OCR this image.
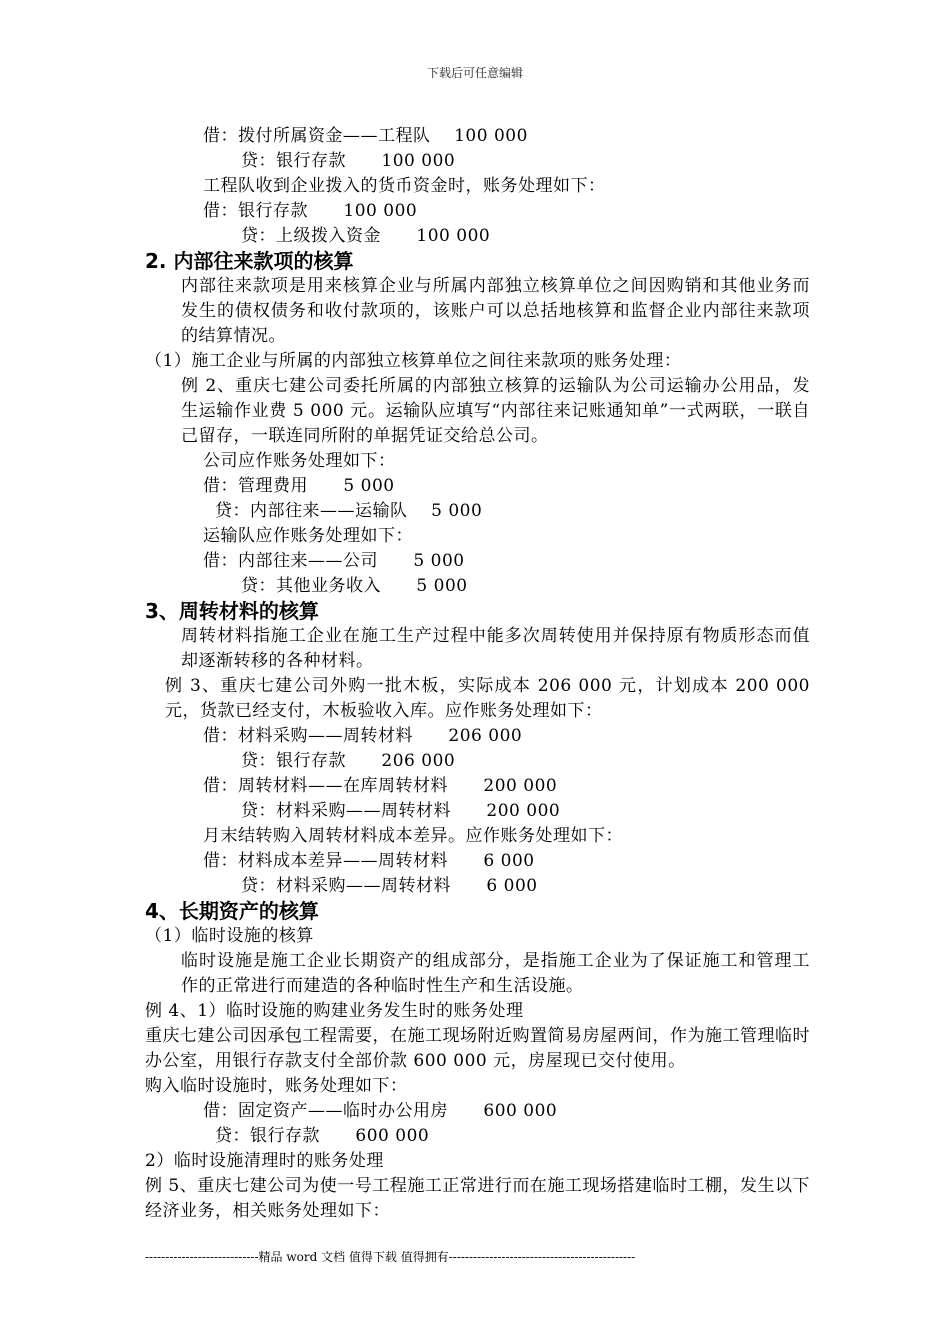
下载后可任意编辑
借：拨付所属资金——工程队    100 000
贷：银行存款      100 000
工程队收到企业拨入的货币资金时，账务处理如下：
借：银行存款      100 000
贷：上级拨入资金      100 000
2. 内部往来款项的核算
内部往来款项是用来核算企业与所属内部独立核算单位之间因购销和其他业务而发生的债权债务和收付款项的，该账户可以总括地核算和监督企业内部往来款项的结算情况。
（1）施工企业与所属的内部独立核算单位之间往来款项的账务处理：
例 2、重庆七建公司委托所属的内部独立核算的运输队为公司运输办公用品，发生运输作业费 5 000 元。运输队应填写“内部往来记账通知单”一式两联，一联自己留存，一联连同所附的单据凭证交给总公司。
公司应作账务处理如下：
借：管理费用      5 000
贷：内部往来——运输队    5 000
运输队应作账务处理如下：
借：内部往来——公司      5 000
贷：其他业务收入      5 000
3、周转材料的核算
周转材料指施工企业在施工生产过程中能多次周转使用并保持原有物质形态而值却逐渐转移的各种材料。
例 3、重庆七建公司外购一批木板，实际成本 206 000 元，计划成本 200 000 元，货款已经支付，木板验收入库。应作账务处理如下：
借：材料采购——周转材料      206 000
贷：银行存款      206 000
借：周转材料——在库周转材料      200 000
贷：材料采购——周转材料      200 000
月末结转购入周转材料成本差异。应作账务处理如下：
借：材料成本差异——周转材料      6 000
贷：材料采购——周转材料      6 000
4、长期资产的核算
（1）临时设施的核算
临时设施是施工企业长期资产的组成部分，是指施工企业为了保证施工和管理工作的正常进行而建造的各种临时性生产和生活设施。
例 4、1）临时设施的购建业务发生时的账务处理
重庆七建公司因承包工程需要，在施工现场附近购置简易房屋两间，作为施工管理临时办公室，用银行存款支付全部价款 600 000 元，房屋现已交付使用。
购入临时设施时，账务处理如下：
借：固定资产——临时办公用房      600 000
贷：银行存款      600 000
2）临时设施清理时的账务处理
例 5、重庆七建公司为使一号工程施工正常进行而在施工现场搭建临时工棚，发生以下经济业务，相关账务处理如下：
----------------------------精品 word 文档 值得下载 值得拥有----------------------------------------------
